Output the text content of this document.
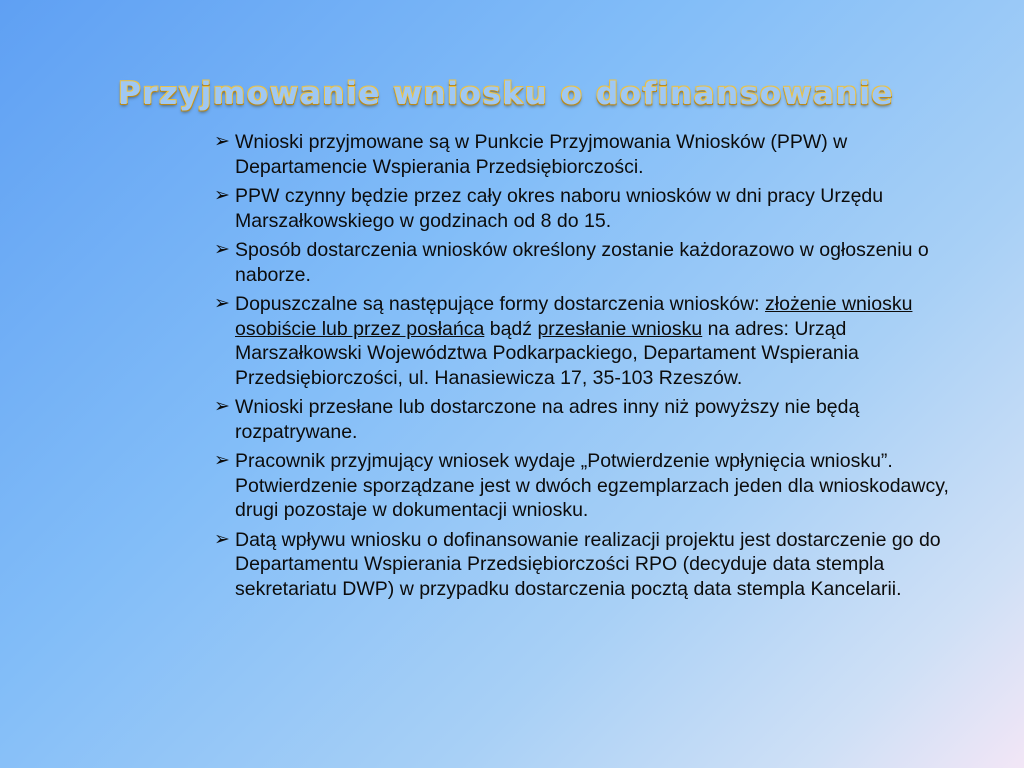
Przyjmowanie wniosku o dofinansowanie
➢ Wnioski przyjmowane są w Punkcie Przyjmowania Wniosków (PPW) w Departamencie Wspierania Przedsiębiorczości.
➢ PPW czynny będzie przez cały okres naboru wniosków w dni pracy Urzędu Marszałkowskiego w godzinach od 8 do 15.
➢ Sposób dostarczenia wniosków określony zostanie każdorazowo w ogłoszeniu o naborze.
➢ Dopuszczalne są następujące formy dostarczenia wniosków: złożenie wniosku osobiście lub przez posłańca bądź przesłanie wniosku na adres: Urząd Marszałkowski Województwa Podkarpackiego, Departament Wspierania Przedsiębiorczości, ul. Hanasiewicza 17, 35-103 Rzeszów.
➢ Wnioski przesłane lub dostarczone na adres inny niż powyższy nie będą rozpatrywane.
➢ Pracownik przyjmujący wniosek wydaje „Potwierdzenie wpłynięcia wniosku”. Potwierdzenie sporządzane jest w dwóch egzemplarzach jeden dla wnioskodawcy, drugi pozostaje w dokumentacji wniosku.
➢ Datą wpływu wniosku o dofinansowanie realizacji projektu jest dostarczenie go do Departamentu Wspierania Przedsiębiorczości RPO (decyduje data stempla sekretariatu DWP) w przypadku dostarczenia pocztą data stempla Kancelarii.
